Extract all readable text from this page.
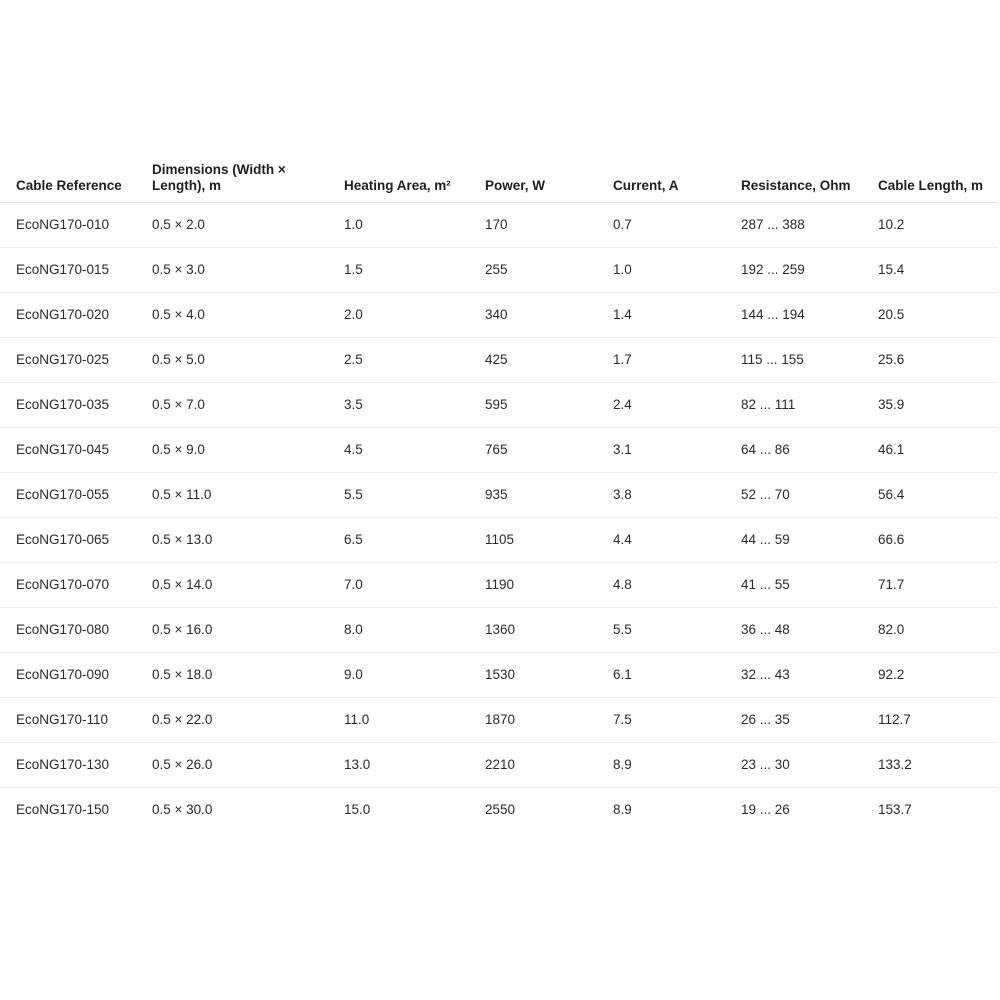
Cable Reference	Dimensions (Width × Length), m	Heating Area, m²	Power, W	Current, A	Resistance, Ohm	Cable Length, m
EcoNG170-010	0.5 × 2.0	1.0	170	0.7	287 ... 388	10.2
EcoNG170-015	0.5 × 3.0	1.5	255	1.0	192 ... 259	15.4
EcoNG170-020	0.5 × 4.0	2.0	340	1.4	144 ... 194	20.5
EcoNG170-025	0.5 × 5.0	2.5	425	1.7	115 ... 155	25.6
EcoNG170-035	0.5 × 7.0	3.5	595	2.4	82 ... 111	35.9
EcoNG170-045	0.5 × 9.0	4.5	765	3.1	64 ... 86	46.1
EcoNG170-055	0.5 × 11.0	5.5	935	3.8	52 ... 70	56.4
EcoNG170-065	0.5 × 13.0	6.5	1105	4.4	44 ... 59	66.6
EcoNG170-070	0.5 × 14.0	7.0	1190	4.8	41 ... 55	71.7
EcoNG170-080	0.5 × 16.0	8.0	1360	5.5	36 ... 48	82.0
EcoNG170-090	0.5 × 18.0	9.0	1530	6.1	32 ... 43	92.2
EcoNG170-110	0.5 × 22.0	11.0	1870	7.5	26 ... 35	112.7
EcoNG170-130	0.5 × 26.0	13.0	2210	8.9	23 ... 30	133.2
EcoNG170-150	0.5 × 30.0	15.0	2550	8.9	19 ... 26	153.7
